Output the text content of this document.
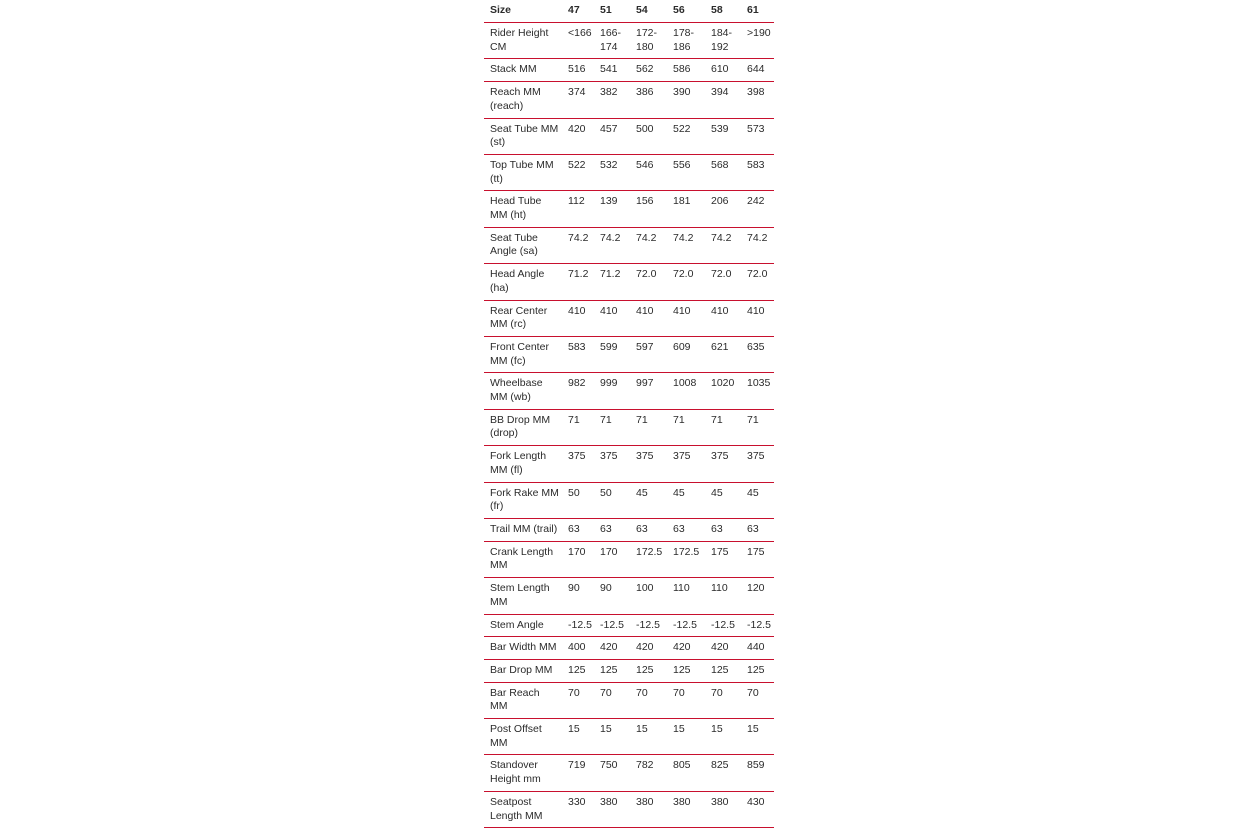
Size	47	51	54	56	58	61
Rider Height CM	<166	166-174	172-180	178-186	184-192	>190
Stack MM	516	541	562	586	610	644
Reach MM (reach)	374	382	386	390	394	398
Seat Tube MM (st)	420	457	500	522	539	573
Top Tube MM (tt)	522	532	546	556	568	583
Head Tube MM (ht)	112	139	156	181	206	242
Seat Tube Angle (sa)	74.2	74.2	74.2	74.2	74.2	74.2
Head Angle (ha)	71.2	71.2	72.0	72.0	72.0	72.0
Rear Center MM (rc)	410	410	410	410	410	410
Front Center MM (fc)	583	599	597	609	621	635
Wheelbase MM (wb)	982	999	997	1008	1020	1035
BB Drop MM (drop)	71	71	71	71	71	71
Fork Length MM (fl)	375	375	375	375	375	375
Fork Rake MM (fr)	50	50	45	45	45	45
Trail MM (trail)	63	63	63	63	63	63
Crank Length MM	170	170	172.5	172.5	175	175
Stem Length MM	90	90	100	110	110	120
Stem Angle	-12.5	-12.5	-12.5	-12.5	-12.5	-12.5
Bar Width MM	400	420	420	420	420	440
Bar Drop MM	125	125	125	125	125	125
Bar Reach MM	70	70	70	70	70	70
Post Offset MM	15	15	15	15	15	15
Standover Height mm	719	750	782	805	825	859
Seatpost Length MM	330	380	380	380	380	430
